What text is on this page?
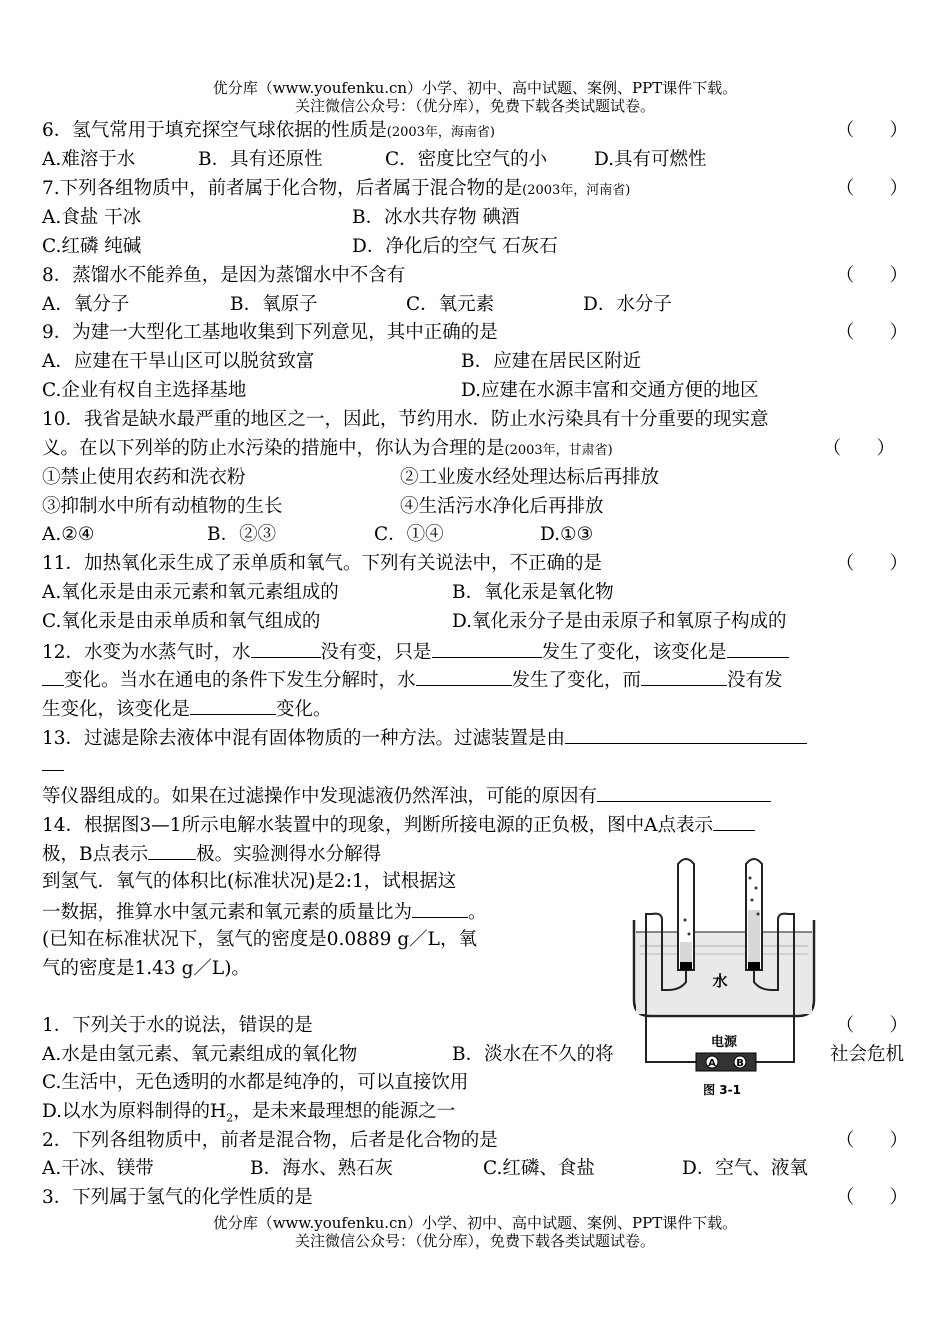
优分库（www.youfenku.cn）小学、初中、高中试题、案例、PPT课件下载。
关注微信公众号：（优分库），免费下载各类试题试卷。
6．氢气常用于填充探空气球依据的性质是(2003年，海南省)	（      ）
A.难溶于水	B．具有还原性	C．密度比空气的小	D.具有可燃性
7.下列各组物质中，前者属于化合物，后者属于混合物的是(2003年，河南省)	（      ）
A.食盐 干冰	B．冰水共存物 碘酒
C.红磷 纯碱	D．净化后的空气 石灰石
8．蒸馏水不能养鱼，是因为蒸馏水中不含有	（      ）
A．氧分子	B．氧原子	C．氧元素	D．水分子
9．为建一大型化工基地收集到下列意见，其中正确的是	（      ）
A．应建在干旱山区可以脱贫致富	B．应建在居民区附近
C.企业有权自主选择基地	D.应建在水源丰富和交通方便的地区
10．我省是缺水最严重的地区之一，因此，节约用水．防止水污染具有十分重要的现实意
义。在以下列举的防止水污染的措施中，你认为合理的是(2003年，甘肃省)	（      ）
①禁止使用农药和洗衣粉	②工业废水经处理达标后再排放
③抑制水中所有动植物的生长	④生活污水净化后再排放
A.②④	B．②③	C．①④	D.①③
11．加热氧化汞生成了汞单质和氧气。下列有关说法中，不正确的是	（      ）
A.氧化汞是由汞元素和氧元素组成的	B．氧化汞是氧化物
C.氧化汞是由汞单质和氧气组成的	D.氧化汞分子是由汞原子和氧原子构成的
12．水变为水蒸气时，水	没有变，只是	发生了变化，该变化是
变化。当水在通电的条件下发生分解时，水	发生了变化，而	没有发
生变化，该变化是	变化。
13．过滤是除去液体中混有固体物质的一种方法。过滤装置是由
等仪器组成的。如果在过滤操作中发现滤液仍然浑浊，可能的原因有
14．根据图3—1所示电解水装置中的现象，判断所接电源的正负极，图中A点表示
极，B点表示	极。实验测得水分解得
到氢气．氧气的体积比(标准状况)是2:1，试根据这
一数据，推算水中氢元素和氧元素的质量比为	。
(已知在标准状况下，氢气的密度是0.0889 g／L，氧
气的密度是1.43 g／L)。
1．下列关于水的说法，错误的是	（      ）
A.水是由氢元素、氧元素组成的氧化物	B．淡水在不久的将	社会危机
C.生活中，无色透明的水都是纯净的，可以直接饮用
D.以水为原料制得的$H_2$，是未来最理想的能源之一
2．下列各组物质中，前者是混合物，后者是化合物的是	（      ）
A.干冰、镁带	B．海水、熟石灰	C.红磷、食盐	D．空气、液氧
3．下列属于氢气的化学性质的是	（      ）
优分库（www.youfenku.cn）小学、初中、高中试题、案例、PPT课件下载。
关注微信公众号：（优分库），免费下载各类试题试卷。
水
电源
A B
图 3-1
